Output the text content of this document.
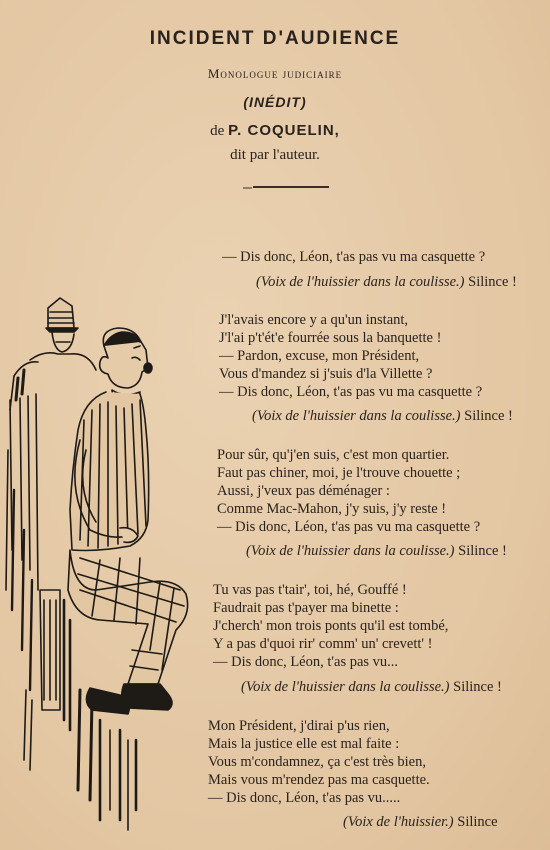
INCIDENT D'AUDIENCE
Monologue judiciaire
(INÉDIT)
de P. COQUELIN,
dit par l'auteur.
— Dis donc, Léon, t'as pas vu ma casquette ?
(Voix de l'huissier dans la coulisse.) Silince !
J'l'avais encore y a qu'un instant,
J'l'ai p't'ét'e fourrée sous la banquette !
— Pardon, excuse, mon Président,
Vous d'mandez si j'suis d'la Villette ?
— Dis donc, Léon, t'as pas vu ma casquette ?
(Voix de l'huissier dans la coulisse.) Silince !
Pour sûr, qu'j'en suis, c'est mon quartier.
Faut pas chiner, moi, je l'trouve chouette ;
Aussi, j'veux pas déménager :
Comme Mac-Mahon, j'y suis, j'y reste !
— Dis donc, Léon, t'as pas vu ma casquette ?
(Voix de l'huissier dans la coulisse.) Silince !
Tu vas pas t'tair', toi, hé, Gouffé !
Faudrait pas t'payer ma binette :
J'cherch' mon trois ponts qu'il est tombé,
Y a pas d'quoi rir' comm' un' crevett' !
— Dis donc, Léon, t'as pas vu...
(Voix de l'huissier dans la coulisse.) Silince !
Mon Président, j'dirai p'us rien,
Mais la justice elle est mal faite :
Vous m'condamnez, ça c'est très bien,
Mais vous m'rendez pas ma casquette.
— Dis donc, Léon, t'as pas vu.....
(Voix de l'huissier.) Silince
